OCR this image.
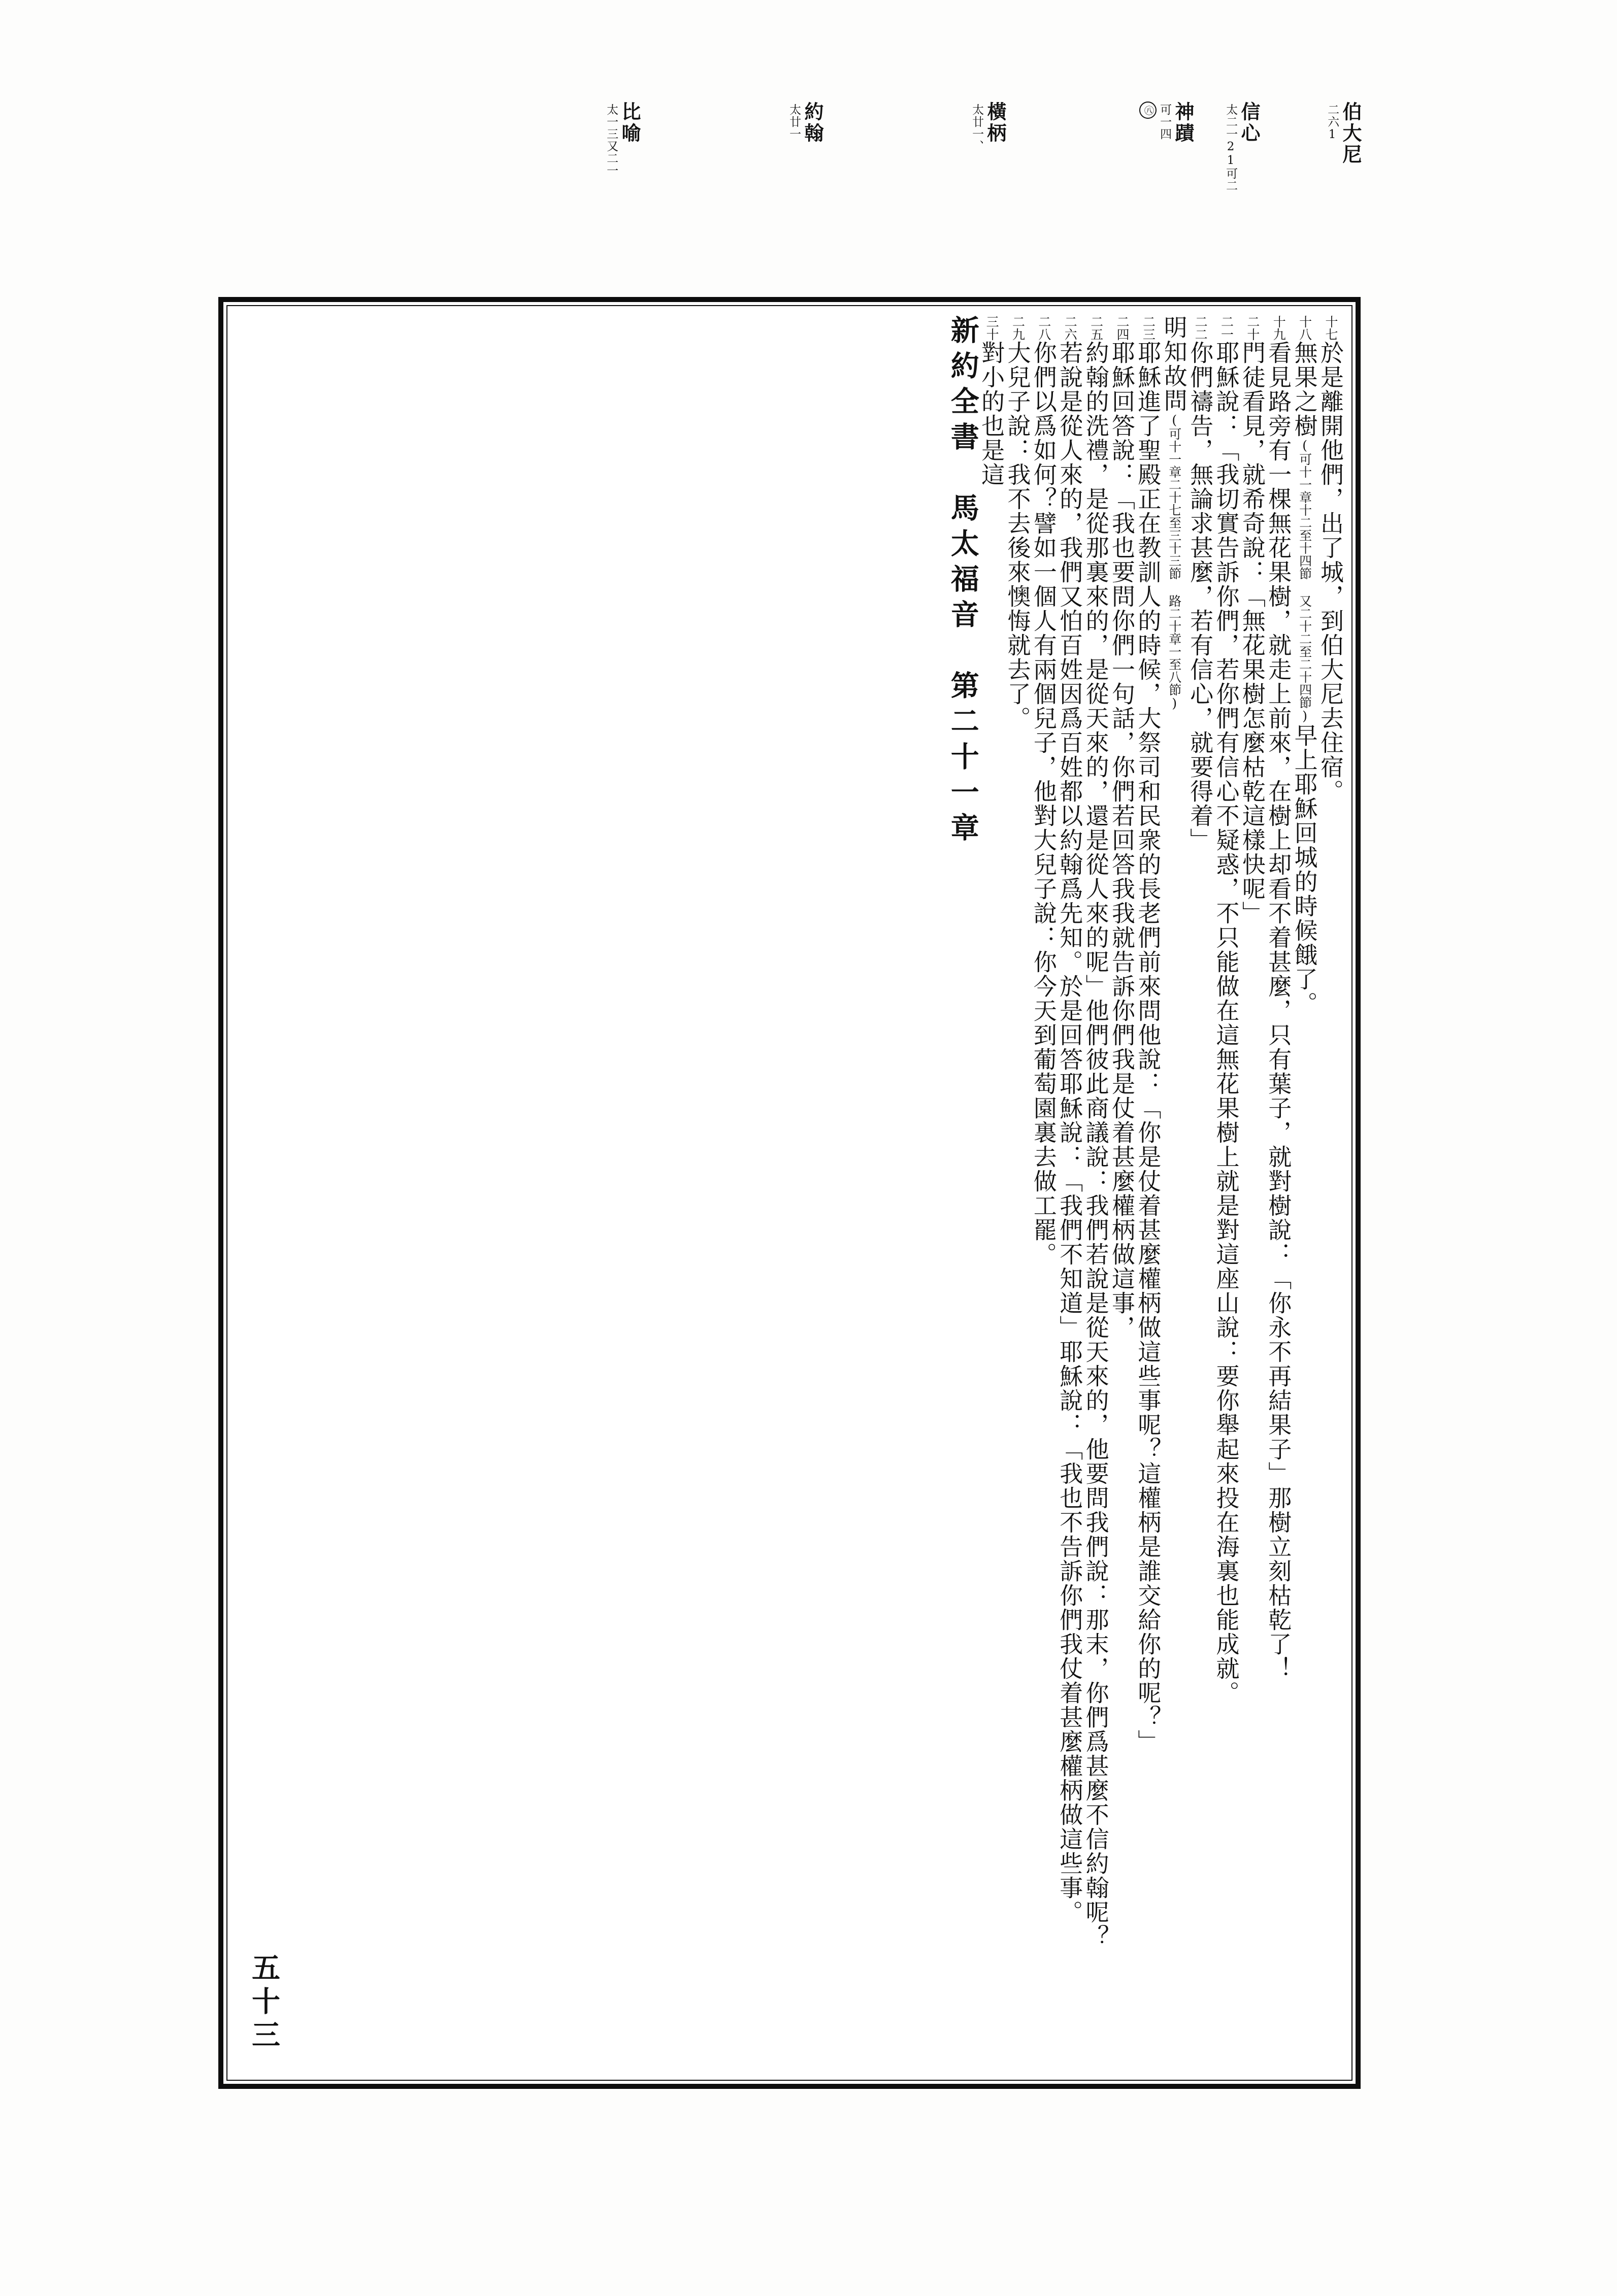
伯大尼
二六1
信心
太二一21可二
神蹟
可一四
㊇
橫柄
太廿一、
約翰
太廿一
比喻
太一三又二一
十七於是離開他們，出了城，到伯大尼去住宿。
十八無果之樹(可十一章十二至十四節 又二十二至二十四節)早上耶穌回城的時候餓了。
十九看見路旁有一棵無花果樹，就走上前來，在樹上却看不着甚麼，只有葉子，就對樹說：「你永不再結果子」那樹立刻枯乾了！
二十門徒看見，就希奇說：「無花果樹怎麼枯乾這樣快呢」
二一耶穌說：「我切實告訴你們，若你們有信心不疑惑，不只能做在這無花果樹上就是對這座山說：要你舉起來投在海裏也能成就。
二二你們禱告，無論求甚麼，若有信心，就要得着」
明知故問(可十一章二十七至三十三節 路二十章一至八節)
二三耶穌進了聖殿正在教訓人的時候，大祭司和民衆的長老們前來問他說：「你是仗着甚麼權柄做這些事呢？這權柄是誰交給你的呢？」
二四耶穌回答說：「我也要問你們一句話，你們若回答我我就告訴你們我是仗着甚麼權柄做這事，
二五約翰的洗禮，是從那裏來的，是從天來的，還是從人來的呢」他們彼此商議說：我們若說是從天來的，他要問我們說：那末，你們爲甚麼不信約翰呢？
二六若說是從人來的，我們又怕百姓因爲百姓都以約翰爲先知。於是回答耶穌說：「我們不知道」耶穌說：「我也不告訴你們我仗着甚麼權柄做這些事。
二八你們以爲如何？譬如一個人有兩個兒子，他對大兒子說：你今天到葡萄園裏去做工罷。
二九大兒子說：我不去後來懊悔就去了。
三十對小的也是這
新約全書　馬太福音　第二十一章
五十三
